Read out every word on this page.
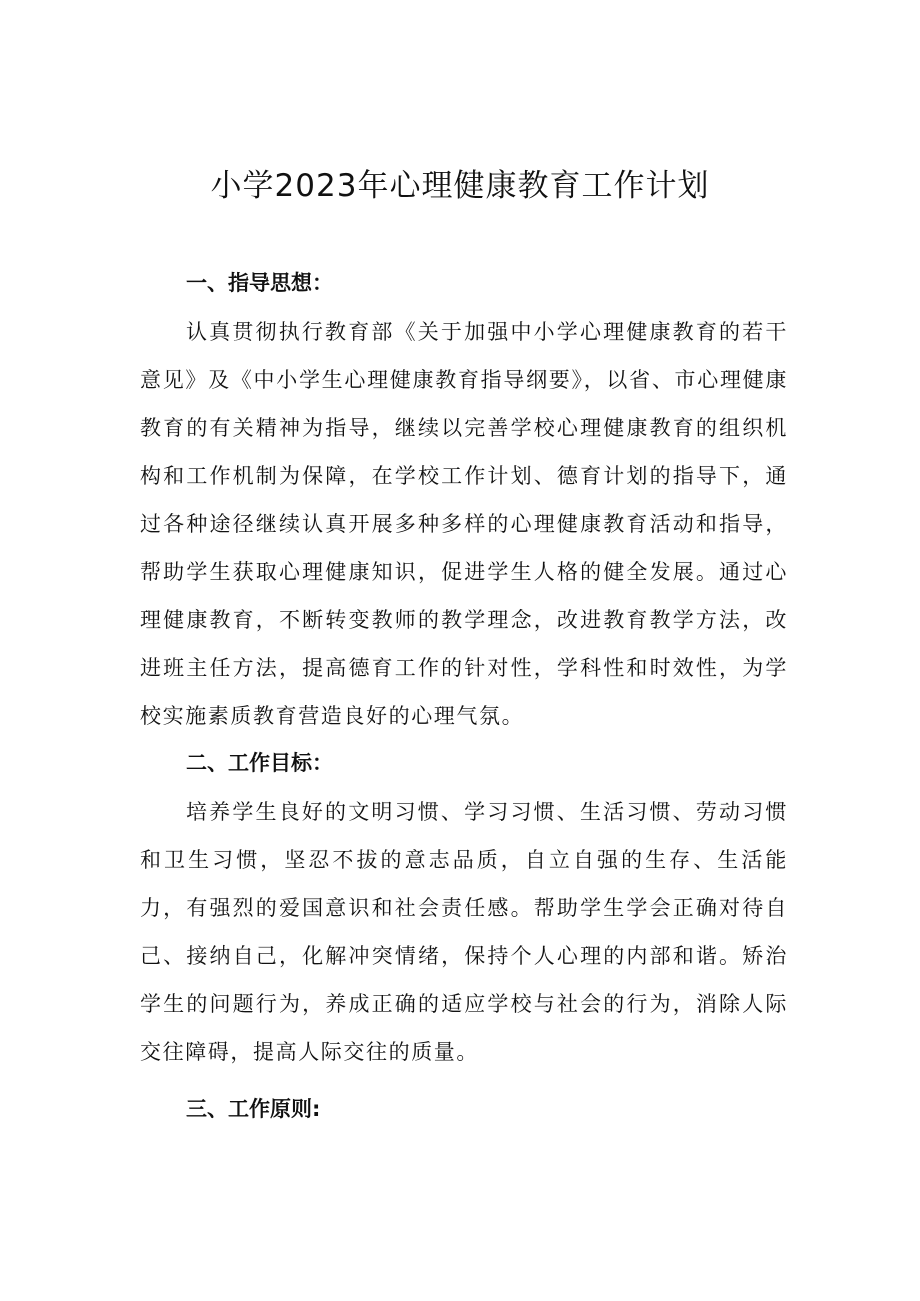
小学2023年心理健康教育工作计划
一、指导思想：

认真贯彻执行教育部《关于加强中小学心理健康教育的若干意见》及《中小学生心理健康教育指导纲要》，以省、市心理健康教育的有关精神为指导，继续以完善学校心理健康教育的组织机构和工作机制为保障，在学校工作计划、德育计划的指导下，通过各种途径继续认真开展多种多样的心理健康教育活动和指导，帮助学生获取心理健康知识，促进学生人格的健全发展。通过心理健康教育，不断转变教师的教学理念，改进教育教学方法，改进班主任方法，提高德育工作的针对性，学科性和时效性，为学校实施素质教育营造良好的心理气氛。

二、工作目标：

培养学生良好的文明习惯、学习习惯、生活习惯、劳动习惯和卫生习惯，坚忍不拔的意志品质，自立自强的生存、生活能力，有强烈的爱国意识和社会责任感。帮助学生学会正确对待自己、接纳自己，化解冲突情绪，保持个人心理的内部和谐。矫治学生的问题行为，养成正确的适应学校与社会的行为，消除人际交往障碍，提高人际交往的质量。

三、工作原则:
